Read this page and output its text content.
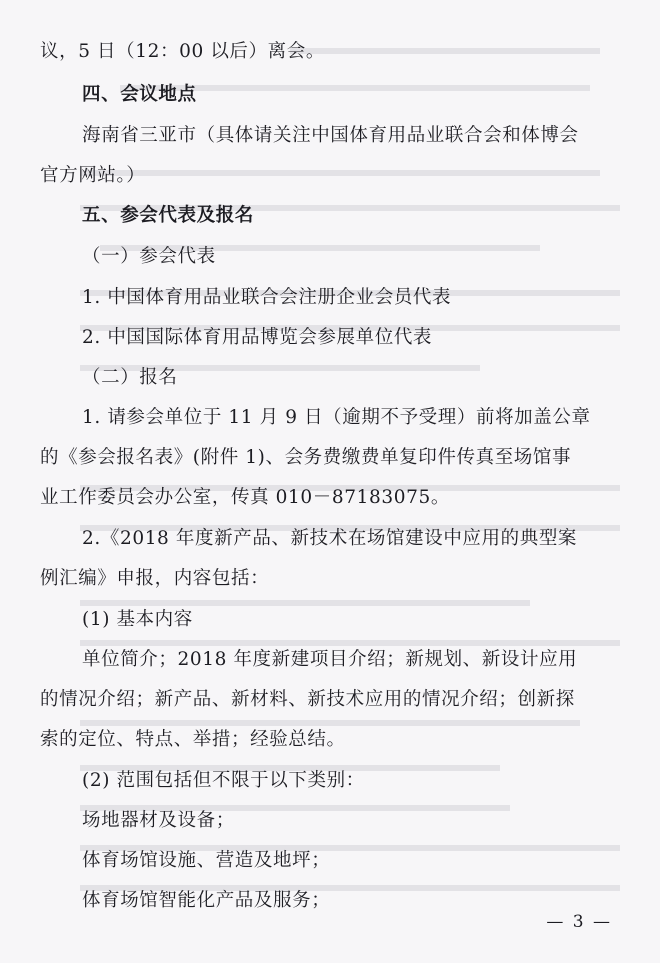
议，5 日（12：00 以后）离会。
四、会议地点
海南省三亚市（具体请关注中国体育用品业联合会和体博会
官方网站。）
五、参会代表及报名
（一）参会代表
1. 中国体育用品业联合会注册企业会员代表
2. 中国国际体育用品博览会参展单位代表
（二）报名
1. 请参会单位于 11 月 9 日（逾期不予受理）前将加盖公章
的《参会报名表》(附件 1)、会务费缴费单复印件传真至场馆事
业工作委员会办公室，传真 010－87183075。
2.《2018 年度新产品、新技术在场馆建设中应用的典型案
例汇编》申报，内容包括：
(1) 基本内容
单位简介；2018 年度新建项目介绍；新规划、新设计应用
的情况介绍；新产品、新材料、新技术应用的情况介绍；创新探
索的定位、特点、举措；经验总结。
(2) 范围包括但不限于以下类别：
场地器材及设备；
体育场馆设施、营造及地坪；
体育场馆智能化产品及服务；
— 3 —
